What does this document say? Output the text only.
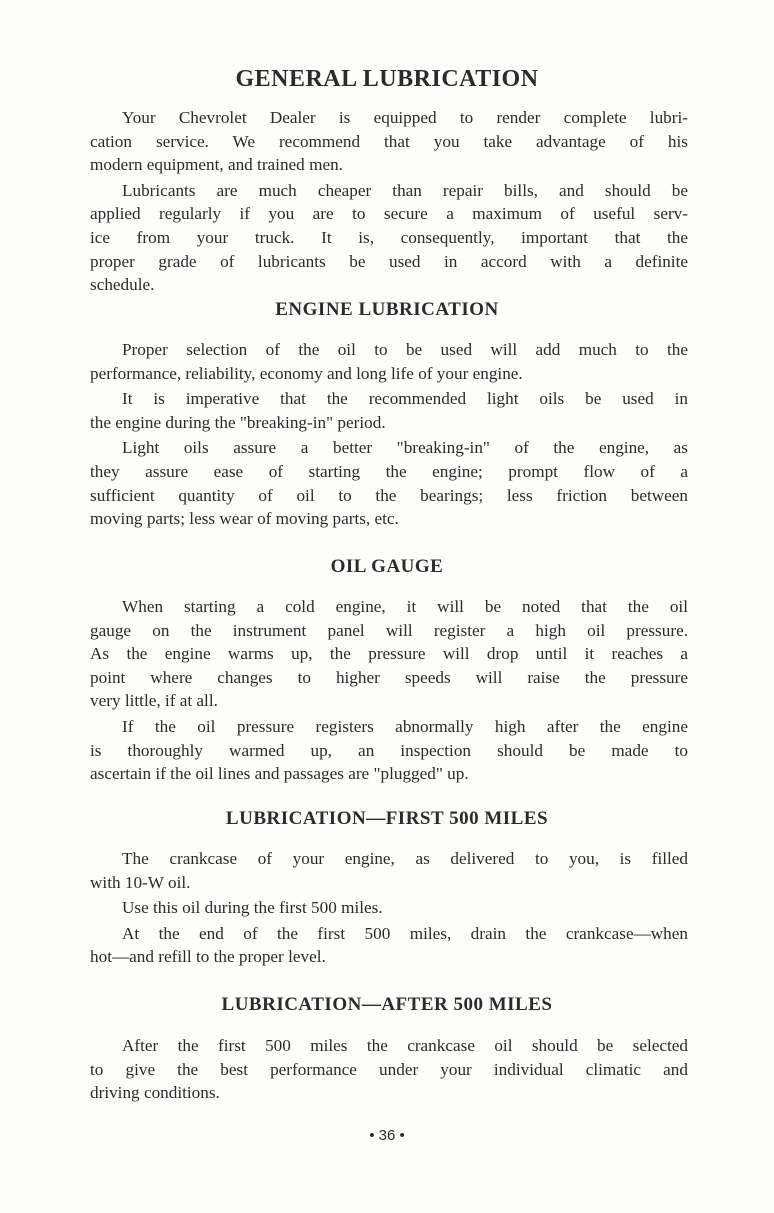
GENERAL LUBRICATION
Your Chevrolet Dealer is equipped to render complete lubri-
cation service. We recommend that you take advantage of his
modern equipment, and trained men.
Lubricants are much cheaper than repair bills, and should be
applied regularly if you are to secure a maximum of useful serv-
ice from your truck. It is, consequently, important that the
proper grade of lubricants be used in accord with a definite
schedule.
ENGINE LUBRICATION
Proper selection of the oil to be used will add much to the
performance, reliability, economy and long life of your engine.
It is imperative that the recommended light oils be used in
the engine during the "breaking-in" period.
Light oils assure a better "breaking-in" of the engine, as
they assure ease of starting the engine; prompt flow of a
sufficient quantity of oil to the bearings; less friction between
moving parts; less wear of moving parts, etc.
OIL GAUGE
When starting a cold engine, it will be noted that the oil
gauge on the instrument panel will register a high oil pressure.
As the engine warms up, the pressure will drop until it reaches a
point where changes to higher speeds will raise the pressure
very little, if at all.
If the oil pressure registers abnormally high after the engine
is thoroughly warmed up, an inspection should be made to
ascertain if the oil lines and passages are "plugged" up.
LUBRICATION—FIRST 500 MILES
The crankcase of your engine, as delivered to you, is filled
with 10-W oil.
Use this oil during the first 500 miles.
At the end of the first 500 miles, drain the crankcase—when
hot—and refill to the proper level.
LUBRICATION—AFTER 500 MILES
After the first 500 miles the crankcase oil should be selected
to give the best performance under your individual climatic and
driving conditions.
• 36 •
